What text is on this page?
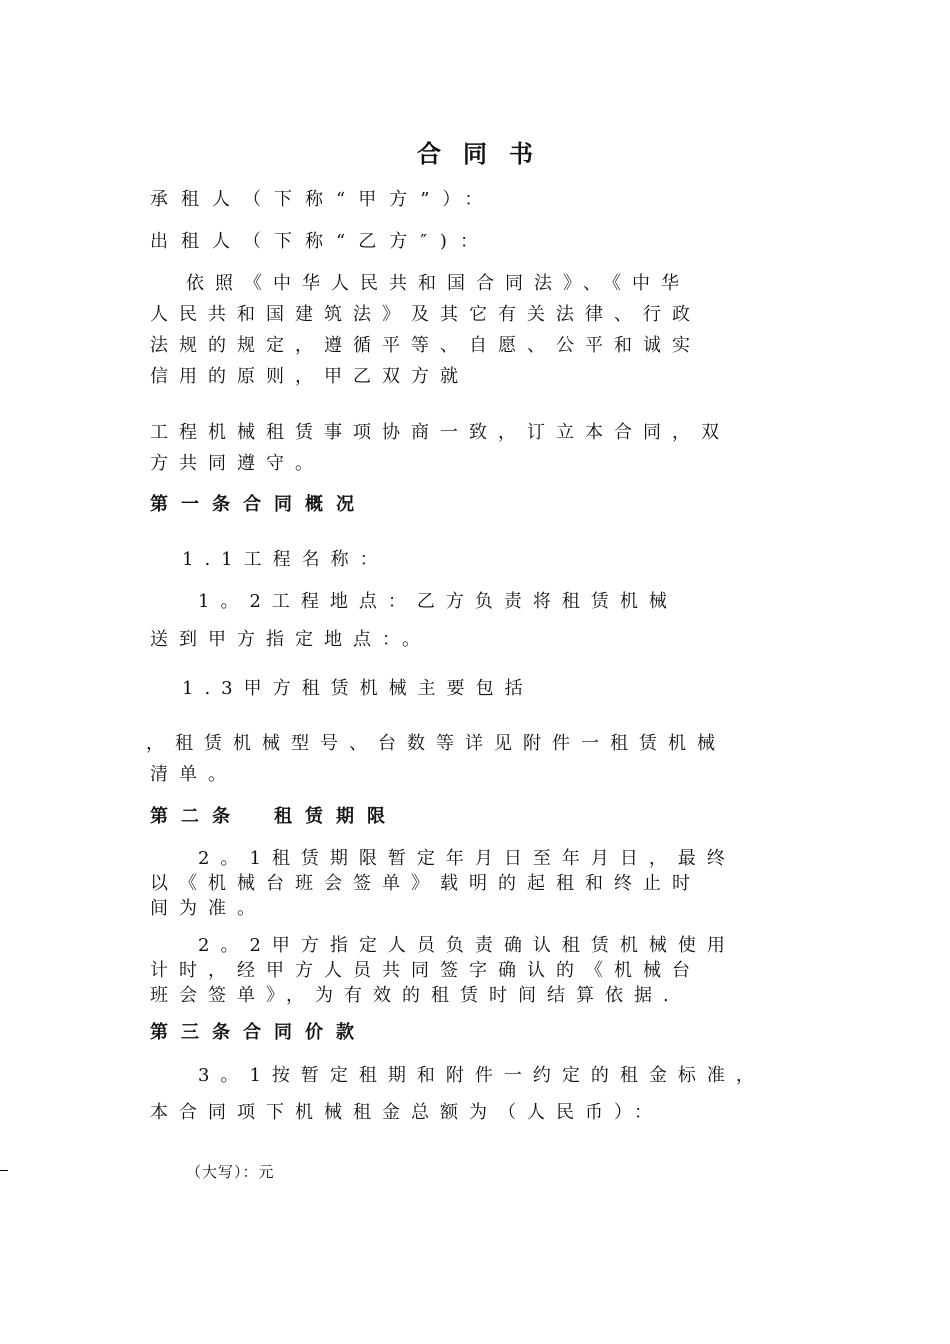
合同书
承租人（下称“甲方”）：
出租人（下称“乙方″)：
依照《中华人民共和国合同法》、《中华
人民共和国建筑法》及其它有关法律、行政
法规的规定，遵循平等、自愿、公平和诚实
信用的原则，甲乙双方就
工程机械租赁事项协商一致，订立本合同，双
方共同遵守。
第一条合同概况
1.1工程名称：
1。2工程地点：乙方负责将租赁机械
送到甲方指定地点：。
1.3甲方租赁机械主要包括
，租赁机械型号、台数等详见附件一租赁机械
清单。
第二条　租赁期限
2。1租赁期限暂定年月日至年月日，最终
以《机械台班会签单》载明的起租和终止时
间为准。
2。2甲方指定人员负责确认租赁机械使用
计时，经甲方人员共同签字确认的《机械台
班会签单》，为有效的租赁时间结算依据.
第三条合同价款
3。1按暂定租期和附件一约定的租金标准，
本合同项下机械租金总额为（人民币）：
（大写）：元
